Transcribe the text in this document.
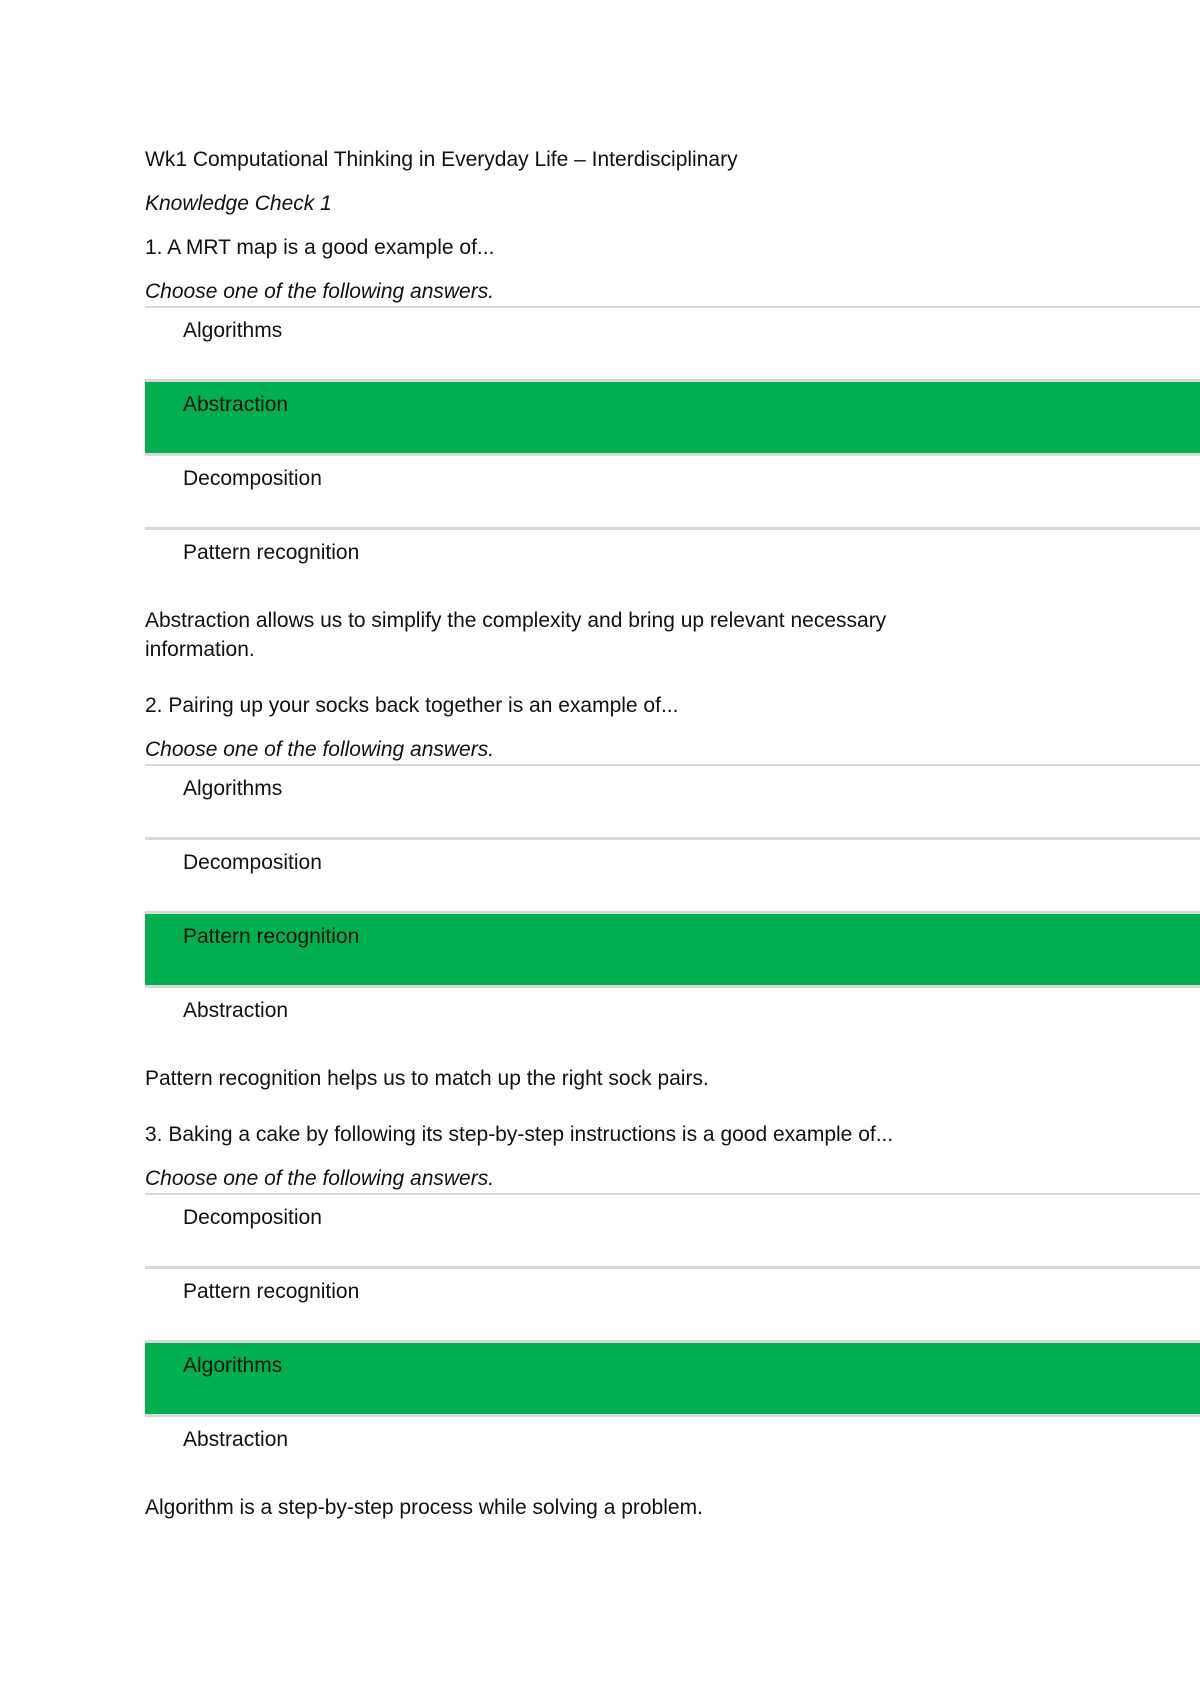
Wk1 Computational Thinking in Everyday Life – Interdisciplinary
Knowledge Check 1
1. A MRT map is a good example of...
Choose one of the following answers.
Algorithms
Abstraction
Decomposition
Pattern recognition
Abstraction allows us to simplify the complexity and bring up relevant necessary information.
2. Pairing up your socks back together is an example of...
Choose one of the following answers.
Algorithms
Decomposition
Pattern recognition
Abstraction
Pattern recognition helps us to match up the right sock pairs.
3. Baking a cake by following its step-by-step instructions is a good example of...
Choose one of the following answers.
Decomposition
Pattern recognition
Algorithms
Abstraction
Algorithm is a step-by-step process while solving a problem.
